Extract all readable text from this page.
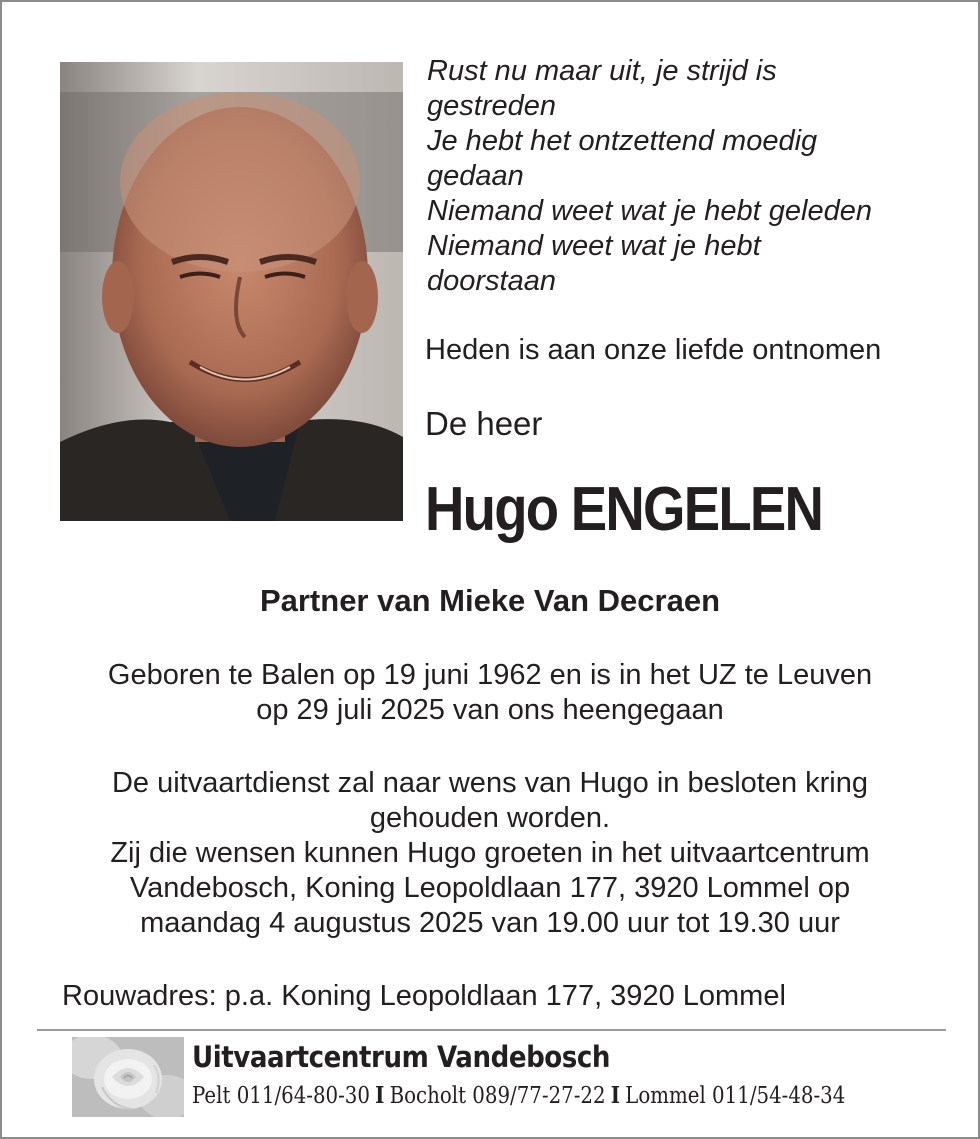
Rust nu maar uit, je strijd is
gestreden
Je hebt het ontzettend moedig
gedaan
Niemand weet wat je hebt geleden
Niemand weet wat je hebt
doorstaan
Heden is aan onze liefde ontnomen
De heer
Hugo ENGELEN
Partner van Mieke Van Decraen
Geboren te Balen op 19 juni 1962 en is in het UZ te Leuven
op 29 juli 2025 van ons heengegaan
De uitvaartdienst zal naar wens van Hugo in besloten kring
gehouden worden.
Zij die wensen kunnen Hugo groeten in het uitvaartcentrum
Vandebosch, Koning Leopoldlaan 177, 3920 Lommel op
maandag 4 augustus 2025 van 19.00 uur tot 19.30 uur
Rouwadres: p.a. Koning Leopoldlaan 177, 3920 Lommel
Uitvaartcentrum Vandebosch
Pelt 011/64-80-30 I Bocholt 089/77-27-22 I Lommel 011/54-48-34
